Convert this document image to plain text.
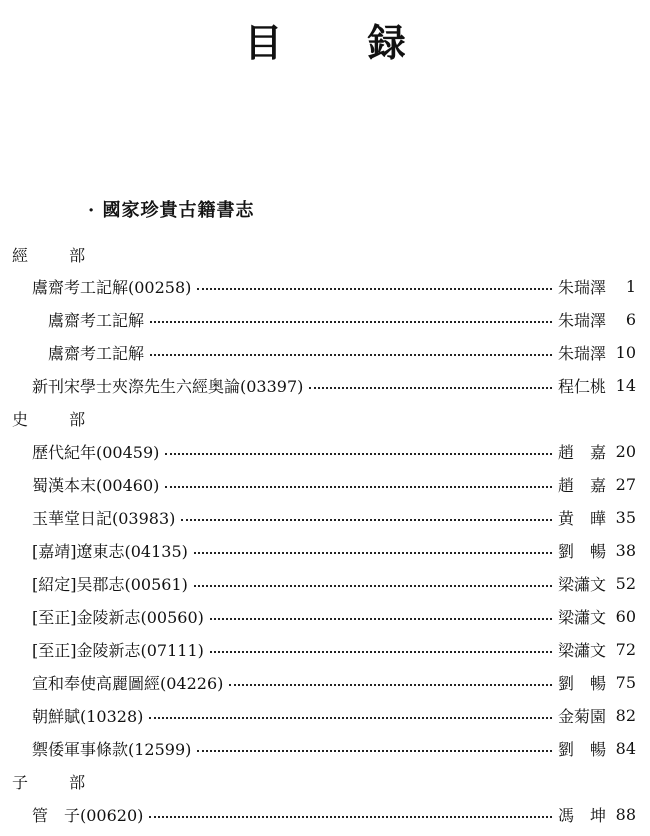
目 録
· 國家珍貴古籍書志
經 部
鬳齋考工記解(00258)	朱瑞澤	1
鬳齋考工記解	朱瑞澤	6
鬳齋考工記解	朱瑞澤 10
新刊宋學士夾漈先生六經奥論(03397)	程仁桃 14
史 部
歷代紀年(00459)	趙　嘉 20
蜀漢本末(00460)	趙　嘉 27
玉華堂日記(03983)	黄　曄 35
[嘉靖]遼東志(04135)	劉　暢 38
[紹定]吴郡志(00561)	梁瀟文 52
[至正]金陵新志(00560)	梁瀟文 60
[至正]金陵新志(07111)	梁瀟文 72
宣和奉使高麗圖經(04226)	劉　暢 75
朝鮮賦(10328)	金菊園 82
禦倭軍事條款(12599)	劉　暢 84
子 部
管　子(00620)	馮　坤 88
